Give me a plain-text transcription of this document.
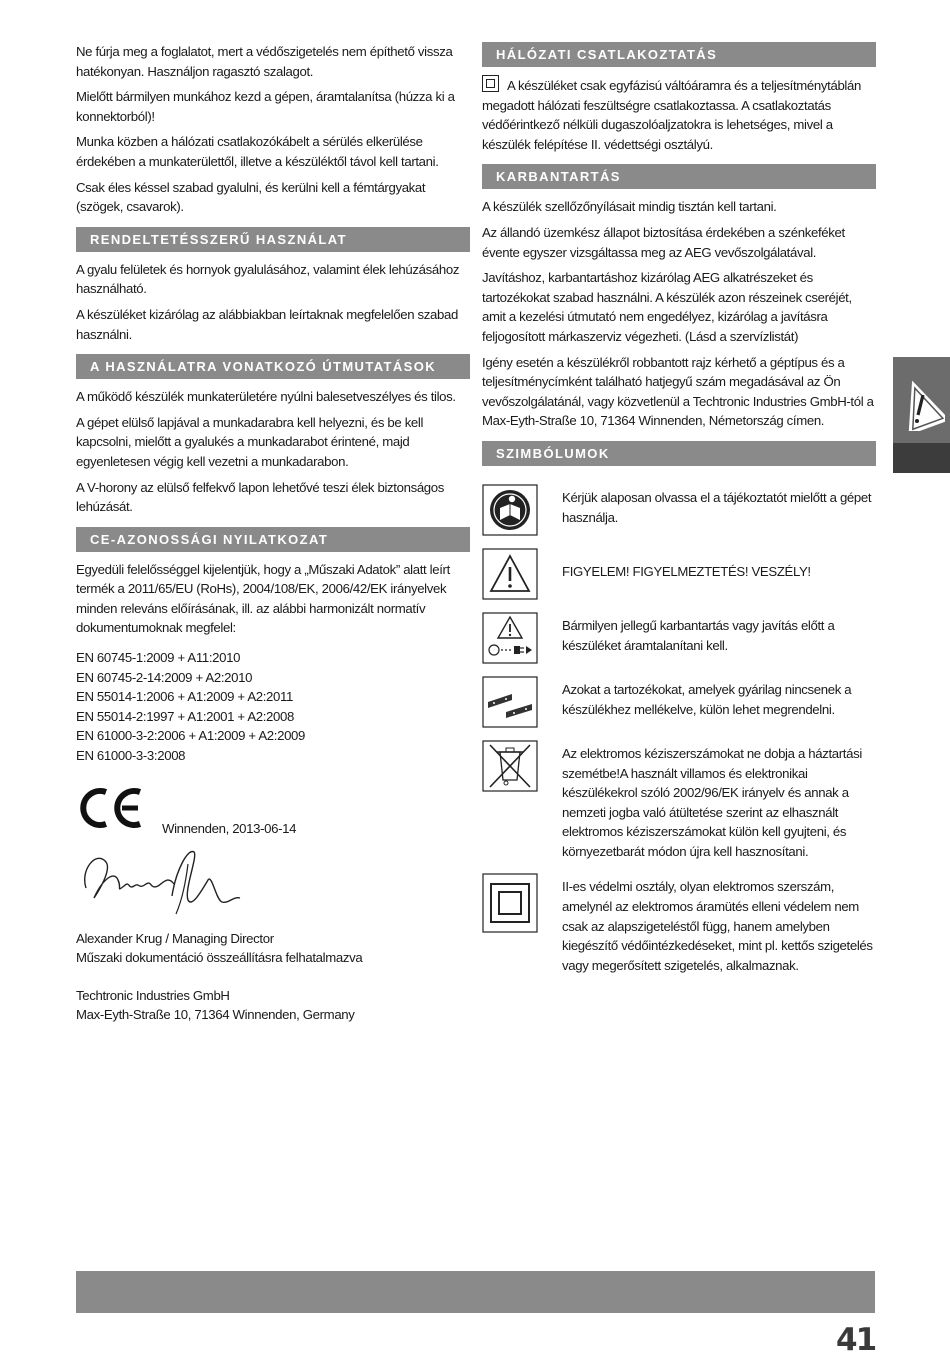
Ne fúrja meg a foglalatot, mert a védőszigetelés nem építhető vissza hatékonyan. Használjon ragasztó szalagot.

Mielőtt bármilyen munkához kezd a gépen, áramtalanítsa (húzza ki a konnektorból)!

Munka közben a hálózati csatlakozókábelt a sérülés elkerülése érdekében a munkaterülettől, illetve a készüléktől távol kell tartani.

Csak éles késsel szabad gyalulni, és kerülni kell a fémtárgyakat (szögek, csavarok).

RENDELTETÉSSZERŰ HASZNÁLAT

A gyalu felületek és hornyok gyalulásához, valamint élek lehúzásához használható.

A készüléket kizárólag az alábbiakban leírtaknak megfelelően szabad használni.

A HASZNÁLATRA VONATKOZÓ ÚTMUTATÁSOK

A működő készülék munkaterületére nyúlni balesetveszélyes és tilos.

A gépet elülső lapjával a munkadarabra kell helyezni, és be kell kapcsolni, mielőtt a gyalukés a munkadarabot érintené, majd egyenletesen végig kell vezetni a munkadarabon.

A V-horony az elülső felfekvő lapon lehetővé teszi élek biztonságos lehúzását.

CE-AZONOSSÁGI NYILATKOZAT

Egyedüli felelősséggel kijelentjük, hogy a „Műszaki Adatok” alatt leírt termék a 2011/65/EU (RoHs), 2004/108/EK, 2006/42/EK irányelvek minden releváns előírásának, ill. az alábbi harmonizált normatív dokumentumoknak megfelel:

EN 60745-1:2009 + A11:2010
EN 60745-2-14:2009 + A2:2010
EN 55014-1:2006 + A1:2009 + A2:2011
EN 55014-2:1997 + A1:2001 + A2:2008
EN 61000-3-2:2006 + A1:2009 + A2:2009
EN 61000-3-3:2008
Winnenden, 2013-06-14
Alexander Krug / Managing Director
Műszaki dokumentáció összeállításra felhatalmazva
Techtronic Industries GmbH
Max-Eyth-Straße 10, 71364 Winnenden, Germany
HÁLÓZATI CSATLAKOZTATÁS

A készüléket csak egyfázisú váltóáramra és a teljesítménytáblán megadott hálózati feszültségre csatlakoztassa. A csatlakoztatás védőérintkező nélküli dugaszolóaljzatokra is lehetséges, mivel a készülék felépítése II. védettségi osztályú.

KARBANTARTÁS

A készülék szellőzőnyílásait mindig tisztán kell tartani.

Az állandó üzemkész állapot biztosítása érdekében a szénkeféket évente egyszer vizsgáltassa meg az AEG vevőszolgálatával.

Javításhoz, karbantartáshoz kizárólag AEG alkatrészeket és tartozékokat szabad használni. A készülék azon részeinek cseréjét, amit a kezelési útmutató nem engedélyez, kizárólag a javításra feljogosított márkaszerviz végezheti. (Lásd a szervízlistát)

Igény esetén a készülékről robbantott rajz kérhető a géptípus és a teljesítménycímként található hatjegyű szám megadásával az Ön vevőszolgálatánál, vagy közvetlenül a Techtronic Industries GmbH-tól a Max-Eyth-Straße 10, 71364 Winnenden, Németország címen.

SZIMBÓLUMOK
Kérjük alaposan olvassa el a tájékoztatót mielőtt a gépet használja.
FIGYELEM! FIGYELMEZTETÉS! VESZÉLY!
Bármilyen jellegű karbantartás vagy javítás előtt a készüléket áramtalanítani kell.
Azokat a tartozékokat, amelyek gyárilag nincsenek a készülékhez mellékelve, külön lehet megrendelni.
Az elektromos kéziszerszámokat ne dobja a háztartási szemétbe!A használt villamos és elektronikai készülékekrol szóló 2002/96/EK irányelv és annak a nemzeti jogba való átültetése szerint az elhasznált elektromos kéziszerszámokat külön kell gyujteni, és környezetbarát módon újra kell hasznosítani.
II-es védelmi osztály, olyan elektromos szerszám, amelynél az elektromos áramütés elleni védelem nem csak az alapszigeteléstől függ, hanem amelyben kiegészítő védőintézkedéseket, mint pl. kettős szigetelés vagy megerősített szigetelés, alkalmaznak.
41
